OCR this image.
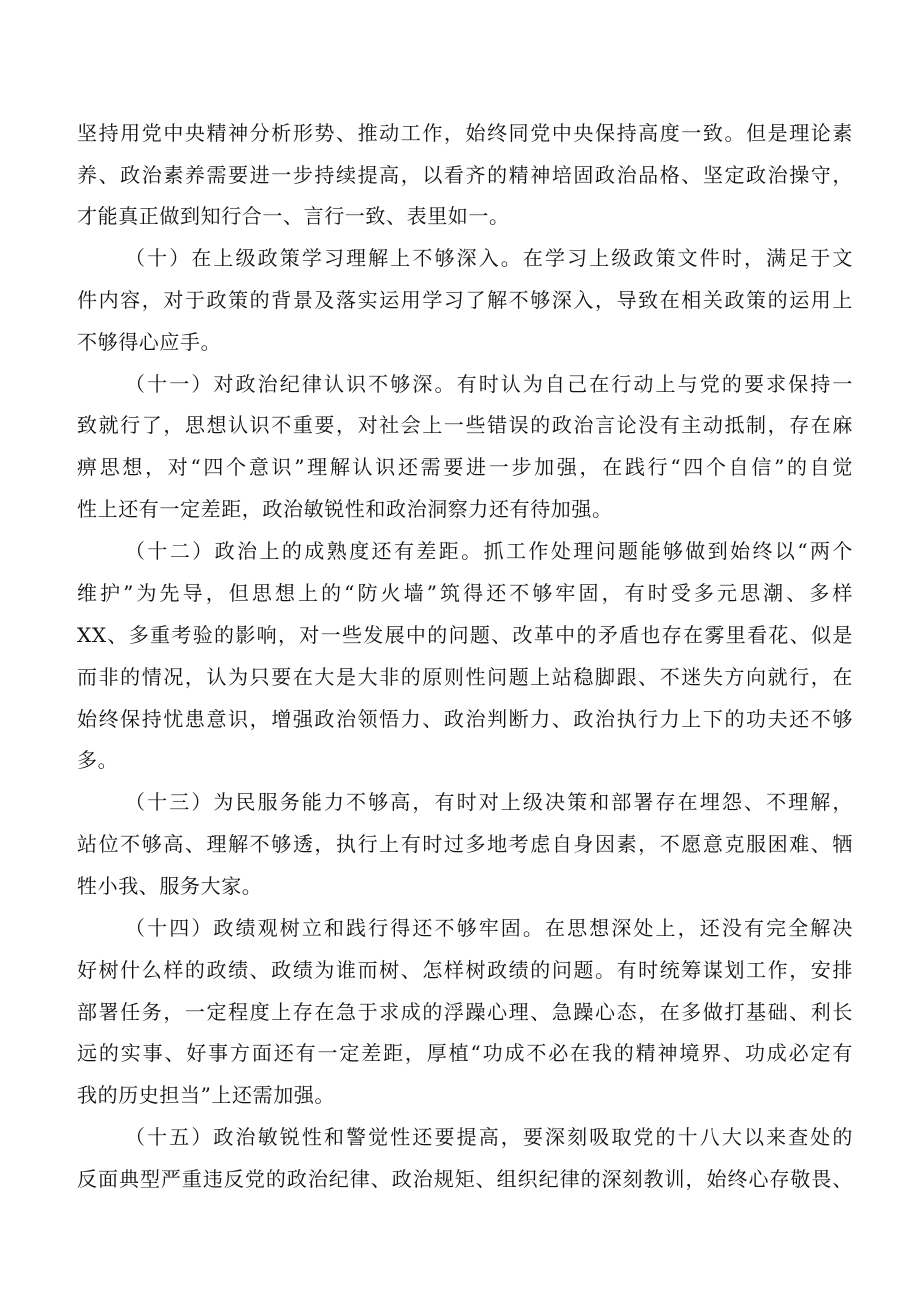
坚持用党中央精神分析形势、推动工作，始终同党中央保持高度一致。但是理论素
养、政治素养需要进一步持续提高，以看齐的精神培固政治品格、坚定政治操守，
才能真正做到知行合一、言行一致、表里如一。
（十）在上级政策学习理解上不够深入。在学习上级政策文件时，满足于文
件内容，对于政策的背景及落实运用学习了解不够深入，导致在相关政策的运用上
不够得心应手。
（十一）对政治纪律认识不够深。有时认为自己在行动上与党的要求保持一
致就行了，思想认识不重要，对社会上一些错误的政治言论没有主动抵制，存在麻
痹思想，对“四个意识”理解认识还需要进一步加强，在践行“四个自信”的自觉
性上还有一定差距，政治敏锐性和政治洞察力还有待加强。
（十二）政治上的成熟度还有差距。抓工作处理问题能够做到始终以“两个
维护”为先导，但思想上的“防火墙”筑得还不够牢固，有时受多元思潮、多样
XX、多重考验的影响，对一些发展中的问题、改革中的矛盾也存在雾里看花、似是
而非的情况，认为只要在大是大非的原则性问题上站稳脚跟、不迷失方向就行，在
始终保持忧患意识，增强政治领悟力、政治判断力、政治执行力上下的功夫还不够
多。
（十三）为民服务能力不够高，有时对上级决策和部署存在埋怨、不理解，
站位不够高、理解不够透，执行上有时过多地考虑自身因素，不愿意克服困难、牺
牲小我、服务大家。
（十四）政绩观树立和践行得还不够牢固。在思想深处上，还没有完全解决
好树什么样的政绩、政绩为谁而树、怎样树政绩的问题。有时统筹谋划工作，安排
部署任务，一定程度上存在急于求成的浮躁心理、急躁心态，在多做打基础、利长
远的实事、好事方面还有一定差距，厚植“功成不必在我的精神境界、功成必定有
我的历史担当”上还需加强。
（十五）政治敏锐性和警觉性还要提高，要深刻吸取党的十八大以来查处的
反面典型严重违反党的政治纪律、政治规矩、组织纪律的深刻教训，始终心存敬畏、
